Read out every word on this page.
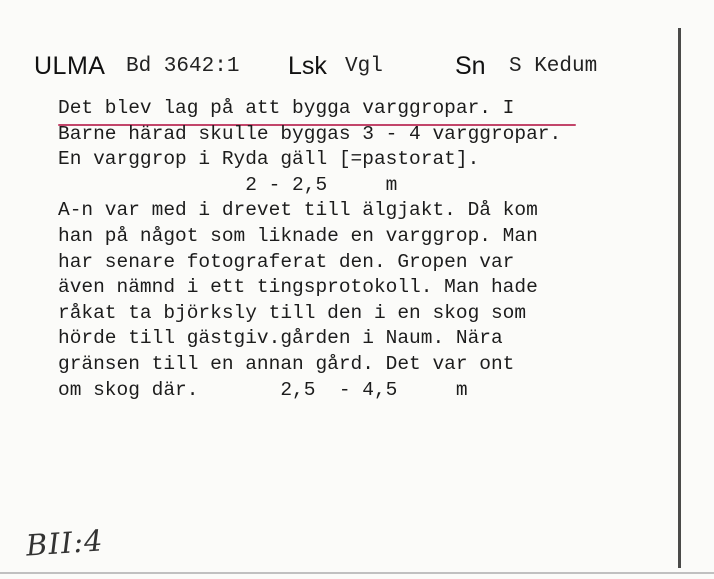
ULMA Bd 3642:1 Lsk Vgl	Sn S Kedum
Det blev lag på att bygga varggropar. I
Barne härad skulle byggas 3 - 4 varggropar.
En varggrop i Ryda gäll [=pastorat].
2 - 2,5     m
A-n var med i drevet till älgjakt. Då kom
han på något som liknade en varggrop. Man
har senare fotograferat den. Gropen var
även nämnd i ett tingsprotokoll. Man hade
råkat ta björksly till den i en skog som
hörde till gästgiv.gården i Naum. Nära
gränsen till en annan gård. Det var ont
om skog där.       2,5  - 4,5     m
BII:4
